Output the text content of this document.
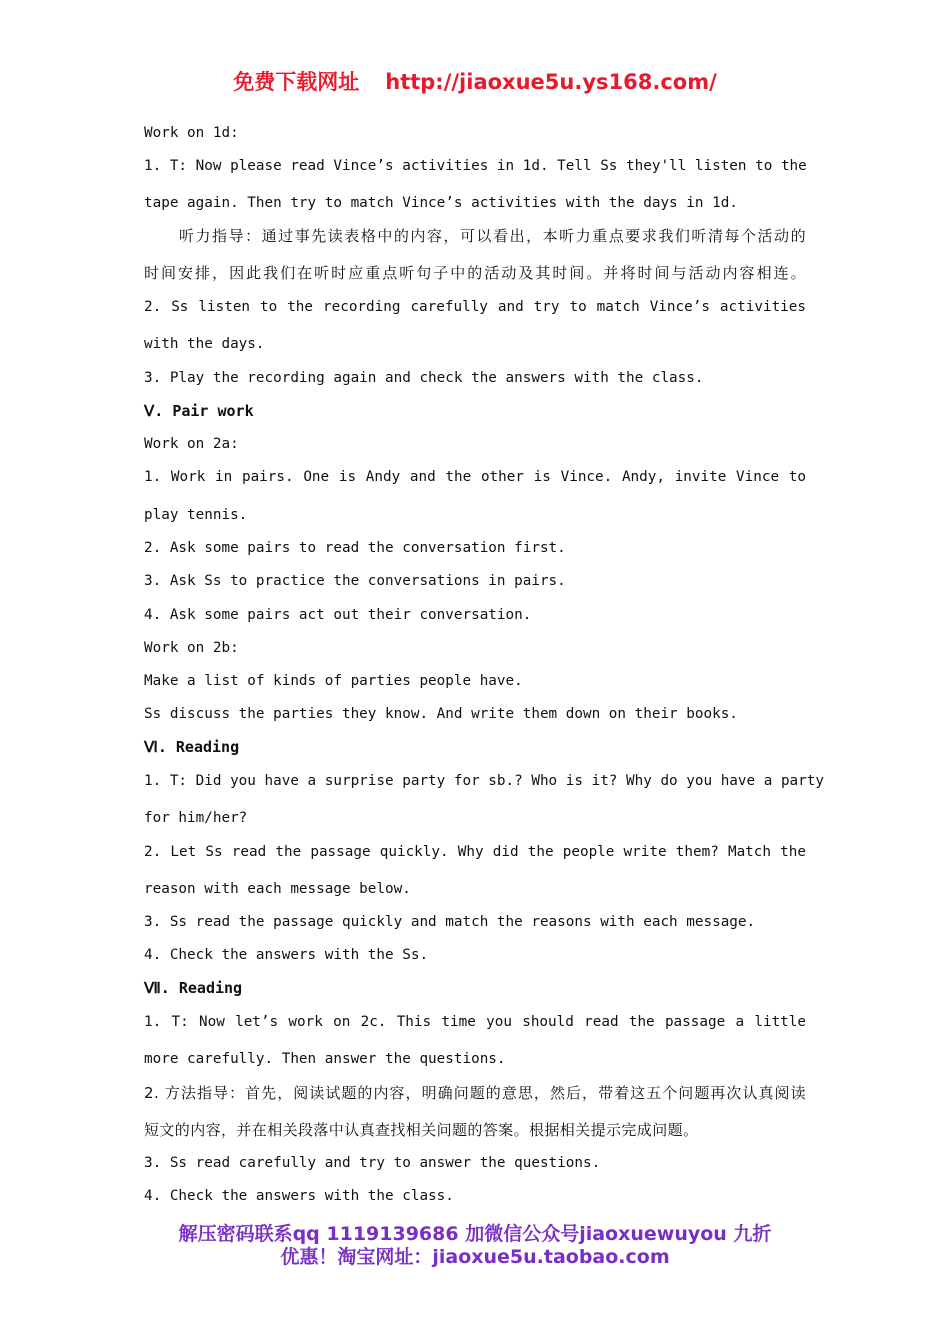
免费下载网址 http://jiaoxue5u.ys168.com/
Work on 1d:
1. T: Now please read Vince’s activities in 1d. Tell Ss they'll listen to the
tape again. Then try to match Vince’s activities with the days in 1d.
听力指导：通过事先读表格中的内容，可以看出，本听力重点要求我们听清每个活动的
时间安排，因此我们在听时应重点听句子中的活动及其时间。并将时间与活动内容相连。
2. Ss listen to the recording carefully and try to match Vince’s activities
with the days.
3. Play the recording again and check the answers with the class.
Ⅴ. Pair work
Work on 2a:
1. Work in pairs. One is Andy and the other is Vince. Andy, invite Vince to
play tennis.
2. Ask some pairs to read the conversation first.
3. Ask Ss to practice the conversations in pairs.
4. Ask some pairs act out their conversation.
Work on 2b:
Make a list of kinds of parties people have.
Ss discuss the parties they know. And write them down on their books.
Ⅵ. Reading
1. T: Did you have a surprise party for sb.? Who is it? Why do you have a party
for him/her?
2. Let Ss read the passage quickly. Why did the people write them? Match the
reason with each message below.
3. Ss read the passage quickly and match the reasons with each message.
4. Check the answers with the Ss.
Ⅶ. Reading
1. T: Now let’s work on 2c. This time you should read the passage a little
more carefully. Then answer the questions.
2. 方法指导：首先，阅读试题的内容，明确问题的意思，然后，带着这五个问题再次认真阅读
短文的内容，并在相关段落中认真查找相关问题的答案。根据相关提示完成问题。
3. Ss read carefully and try to answer the questions.
4. Check the answers with the class.
解压密码联系qq 1119139686 加微信公众号jiaoxuewuyou 九折
优惠！淘宝网址：jiaoxue5u.taobao.com
